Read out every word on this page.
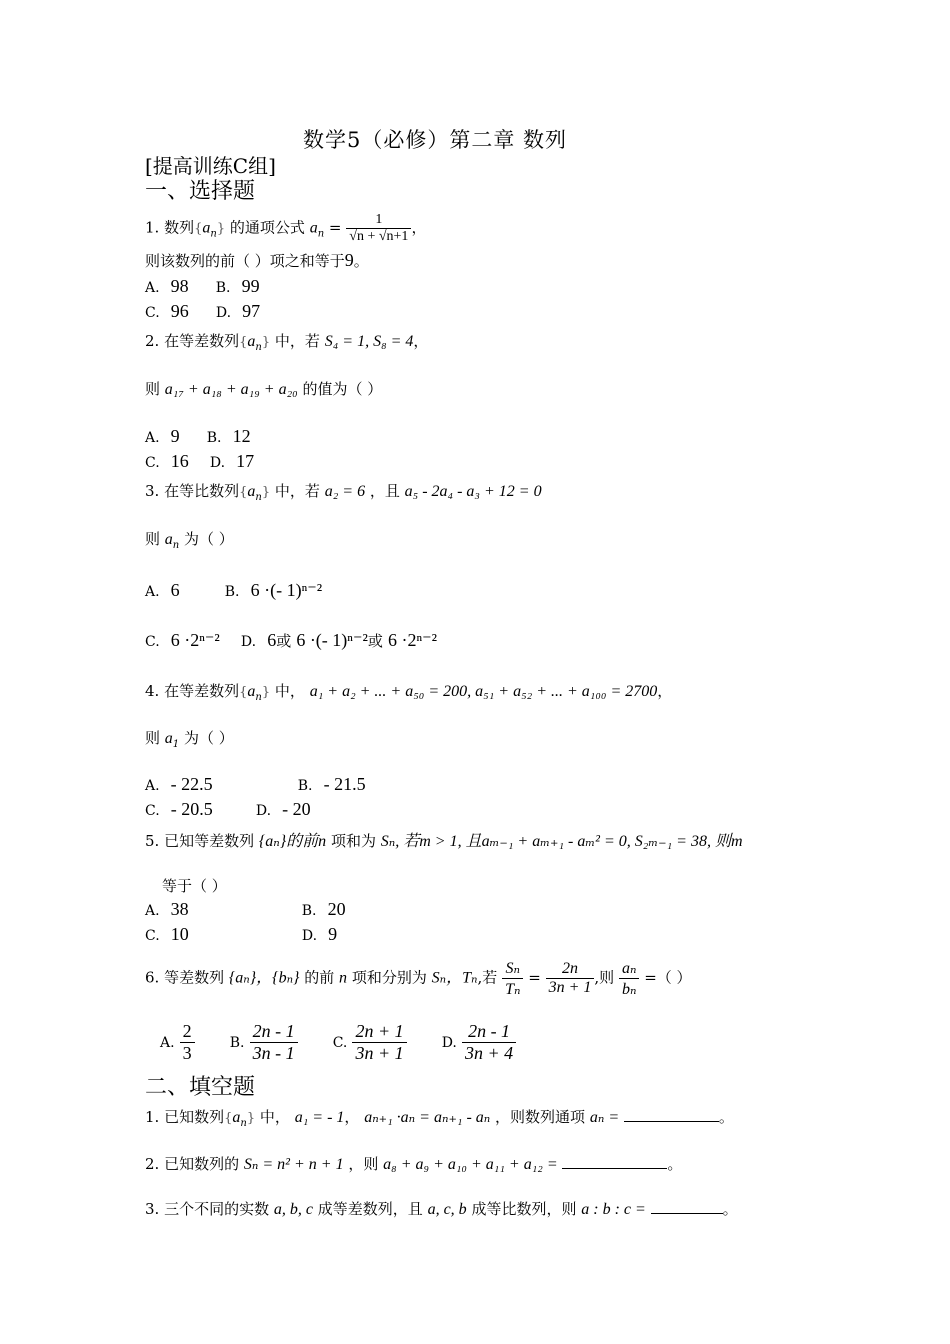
数学5（必修）第二章 数列
[提高训练C组]
一、选择题
1. 数列$\{a_n\}$ 的通项公式 $a_n = \frac{1}{√n + √n+1}$ ，
则该数列的前（ ）项之和等于9。
A. 98 B. 99
C. 96 D. 97
2. 在等差数列$\{a_n\}$ 中，若 S₄ = 1, S₈ = 4，
则 a₁₇ + a₁₈ + a₁₉ + a₂₀ 的值为（ ）
A. 9 B. 12
C. 16 D. 17
3. 在等比数列$\{a_n\}$ 中，若 a₂ = 6 ，且 a₅ - 2a₄ - a₃ + 12 = 0
则 $a_n$ 为（ ）
A. 6	B. 6 ·(- 1)ⁿ⁻²
C. 6 ·2ⁿ⁻² D. 6或 6 ·(- 1)ⁿ⁻²或 6 ·2ⁿ⁻²
4. 在等差数列$\{a_n\}$ 中， a₁ + a₂ + ... + a₅₀ = 200, a₅₁ + a₅₂ + ... + a₁₀₀ = 2700，
则 $a_1$ 为（ ）
A. - 22.5	B. - 21.5
C. - 20.5	D. - 20
5. 已知等差数列 {aₙ}的前n 项和为 Sₙ, 若m > 1, 且aₘ₋₁ + aₘ₊₁ - aₘ² = 0, S₂ₘ₋₁ = 38, 则m
等于（ ）
A. 38	B. 20
C. 10	D. 9
6. 等差数列 {aₙ}，{bₙ} 的前 n 项和分别为 Sₙ，Tₙ,若 $\frac{\text{Sₙ}}{\text{Tₙ}} = \frac{2n}{3n + 1}$ ,则 $\frac{\text{aₙ}}{\text{bₙ}}$ =（ ）
A. $\frac{2}{3}$	B. $\frac{2n - 1}{3n - 1}$	C. $\frac{2n + 1}{3n + 1}$	D. $\frac{2n - 1}{3n + 4}$
二、填空题
1. 已知数列$\{a_n\}$ 中， a₁ = - 1， aₙ₊₁ ·aₙ = aₙ₊₁ - aₙ ，则数列通项 aₙ =	。
2. 已知数列的 Sₙ = n² + n + 1 ，则 a₈ + a₉ + a₁₀ + a₁₁ + a₁₂ =	。
3. 三个不同的实数 a, b, c 成等差数列，且 a, c, b 成等比数列，则 a : b : c =	。
